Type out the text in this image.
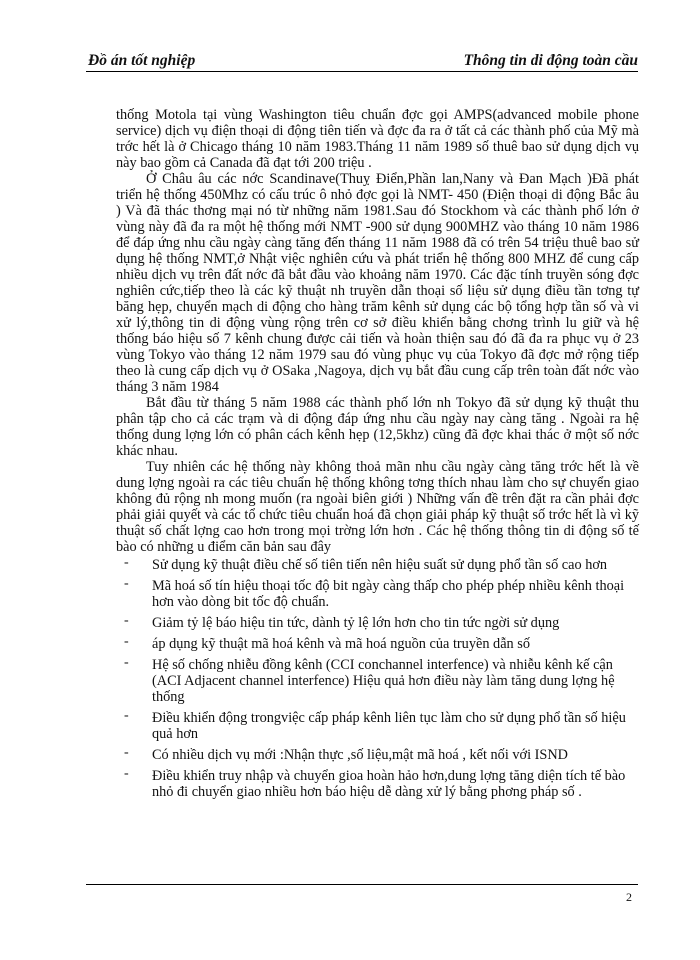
Đồ án tốt nghiệp	Thông tin di động toàn cầu

thống Motola tại vùng Washington tiêu chuẩn đợc gọi AMPS(advanced mobile phone service) dịch vụ điện thoại di động tiên tiến và đợc đa ra ở tất cả các thành phố của Mỹ mà trớc hết là ở Chicago tháng 10 năm 1983.Tháng 11 năm 1989 số thuê bao sử dụng dịch vụ này bao gồm cả Canada đã đạt tới 200 triệu .

Ở Châu âu các nớc Scandinave(Thuỵ Điển,Phần lan,Nany và Đan Mạch )Đã phát triển hệ thống 450Mhz có cấu trúc ô nhỏ đợc gọi là NMT- 450 (Điện thoại di động Bắc âu ) Và đã thác thơng mại nó từ những năm 1981.Sau đó Stockhom và các thành phố lớn ở vùng này đã đa ra một hệ thống mới NMT -900 sử dụng 900MHZ vào tháng 10 năm 1986 để đáp ứng nhu cầu ngày càng tăng đến tháng 11 năm 1988 đã có trên 54 triệu thuê bao sử dụng hệ thống NMT,ở Nhật việc nghiên cứu và phát triển hệ thống 800 MHZ để cung cấp nhiều dịch vụ trên đất nớc đã bắt đầu vào khoảng năm 1970. Các đặc tính truyền sóng đợc nghiên cức,tiếp theo là các kỹ thuật nh truyền dẫn thoại số liệu sử dụng điều tần tơng tự băng hẹp, chuyển mạch di động cho hàng trăm kênh sử dụng các bộ tổng hợp tần số và vi xử lý,thông tin di động vùng rộng trên cơ sở điều khiển bằng chơng trình lu giữ và hệ thống báo hiệu số 7 kênh chung được cải tiến và hoàn thiện sau đó đã đa ra phục vụ ở 23 vùng Tokyo vào tháng 12 năm 1979 sau đó vùng phục vụ của Tokyo đã đợc mở rộng tiếp theo là cung cấp dịch vụ ở OSaka ,Nagoya, dịch vụ bắt đầu cung cấp trên toàn đất nớc vào tháng 3 năm 1984

Bắt đầu từ tháng 5 năm 1988 các thành phố lớn nh Tokyo đã sử dụng kỹ thuật thu phân tập cho cả các trạm và di động đáp ứng nhu cầu ngày nay càng tăng . Ngoài ra hệ thống dung lợng lớn có phân cách kênh hẹp (12,5khz) cũng đã đợc khai thác ở một số nớc khác nhau.

Tuy nhiên các hệ thống này không thoả mãn nhu cầu ngày càng tăng trớc hết là về dung lợng ngoài ra các tiêu chuẩn hệ thống không tơng thích nhau làm cho sự chuyển giao không đủ rộng nh mong muốn (ra ngoài biên giới ) Những vấn đề trên đặt ra cần phải đợc phải giải quyết và các tổ chức tiêu chuẩn hoá đã chọn giải pháp kỹ thuật số trớc hết là vì kỹ thuật số chất lợng cao hơn trong mọi trờng lớn hơn . Các hệ thống thông tin di động số tế bào có những u điểm căn bản sau đây

- Sử dụng kỹ thuật điều chế số tiên tiến nên hiệu suất sử dụng phổ tần số cao hơn
- Mã hoá số tín hiệu thoại tốc độ bit ngày càng thấp cho phép phép nhiều kênh thoại hơn vào dòng bit tốc độ chuẩn.
- Giảm tỷ lệ báo hiệu tin tức, dành tỷ lệ lớn hơn cho tin tức ngời sử dụng
- áp dụng kỹ thuật mã hoá kênh và mã hoá nguồn của truyền dẫn số
- Hệ số chống nhiễu đồng kênh (CCI conchannel interfence) và nhiễu kênh kế cận (ACI Adjacent channel interfence) Hiệu quả hơn điều này làm tăng dung lợng hệ thống
- Điều khiển động trongviệc cấp pháp kênh liên tục làm cho sử dụng phổ tần số hiệu quả hơn
- Có nhiều dịch vụ mới :Nhận thực ,số liệu,mật mã hoá , kết nối với ISND
- Điều khiển truy nhập và chuyển gioa hoàn hảo hơn,dung lợng tăng diện tích tế bào nhỏ đi chuyển giao nhiều hơn báo hiệu dễ dàng xử lý bằng phơng pháp số .
2
